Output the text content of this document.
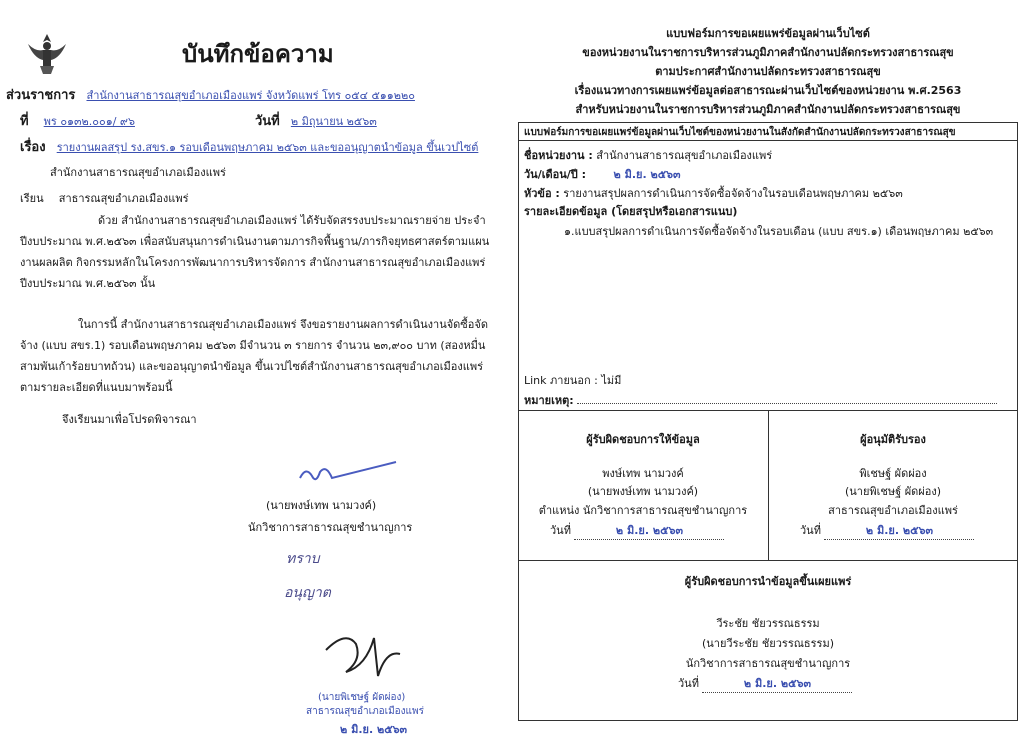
บันทึกข้อความ
ส่วนราชการ สำนักงานสาธารณสุขอำเภอเมืองแพร่ จังหวัดแพร่ โทร ๐๕๔ ๕๑๑๒๒๐
ที่ พร ๐๑๓๒.๐๐๑/ ๙๖	วันที่ ๒ มิถุนายน ๒๕๖๓
เรื่อง รายงานผลสรุป รง.สขร.๑ รอบเดือนพฤษภาคม ๒๕๖๓ และขออนุญาตนำข้อมูล ขึ้นเวปไซต์
สำนักงานสาธารณสุขอำเภอเมืองแพร่
เรียน สาธารณสุขอำเภอเมืองแพร่
ด้วย สำนักงานสาธารณสุขอำเภอเมืองแพร่ ได้รับจัดสรรงบประมาณรายจ่าย ประจำปีงบประมาณ พ.ศ.๒๕๖๓ เพื่อสนับสนุนการดำเนินงานตามภารกิจพื้นฐาน/ภารกิจยุทธศาสตร์ตามแผนงานผลผลิต กิจกรรมหลักในโครงการพัฒนาการบริหารจัดการ สำนักงานสาธารณสุขอำเภอเมืองแพร่ ปีงบประมาณ พ.ศ.๒๕๖๓ นั้น
ในการนี้ สำนักงานสาธารณสุขอำเภอเมืองแพร่ จึงขอรายงานผลการดำเนินงานจัดซื้อจัดจ้าง (แบบ สขร.1) รอบเดือนพฤษภาคม ๒๕๖๓ มีจำนวน ๓ รายการ จำนวน ๒๓,๙๐๐ บาท (สองหมื่นสามพันเก้าร้อยบาทถ้วน) และขออนุญาตนำข้อมูล ขึ้นเวปไซต์สำนักงานสาธารณสุขอำเภอเมืองแพร่ ตามรายละเอียดที่แนบมาพร้อมนี้
จึงเรียนมาเพื่อโปรดพิจารณา
(นายพงษ์เทพ นามวงค์)
นักวิชาการสาธารณสุขชำนาญการ
ทราบ
อนุญาต
(นายพิเชษฐ์ ผัดผ่อง)
สาธารณสุขอำเภอเมืองแพร่
๒ มิ.ย. ๒๕๖๓
แบบฟอร์มการขอเผยแพร่ข้อมูลผ่านเว็บไซต์
ของหน่วยงานในราชการบริหารส่วนภูมิภาคสำนักงานปลัดกระทรวงสาธารณสุข
ตามประกาศสำนักงานปลัดกระทรวงสาธารณสุข
เรื่องแนวทางการเผยแพร่ข้อมูลต่อสาธารณะผ่านเว็บไซต์ของหน่วยงาน พ.ศ.2563
สำหรับหน่วยงานในราชการบริหารส่วนภูมิภาคสำนักงานปลัดกระทรวงสาธารณสุข
แบบฟอร์มการขอเผยแพร่ข้อมูลผ่านเว็บไซต์ของหน่วยงานในสังกัดสำนักงานปลัดกระทรวงสาธารณสุข
ชื่อหน่วยงาน : สำนักงานสาธารณสุขอำเภอเมืองแพร่
วัน/เดือน/ปี :	๒ มิ.ย. ๒๕๖๓
หัวข้อ : รายงานสรุปผลการดำเนินการจัดซื้อจัดจ้างในรอบเดือนพฤษภาคม ๒๕๖๓
รายละเอียดข้อมูล (โดยสรุปหรือเอกสารแนบ)
๑.แบบสรุปผลการดำเนินการจัดซื้อจัดจ้างในรอบเดือน (แบบ สขร.๑) เดือนพฤษภาคม ๒๕๖๓
Link ภายนอก : ไม่มี
หมายเหตุ:
ผู้รับผิดชอบการให้ข้อมูล
พงษ์เทพ นามวงค์
(นายพงษ์เทพ นามวงค์)
ตำแหน่ง นักวิชาการสาธารณสุขชำนาญการ
วันที่	๒ มิ.ย. ๒๕๖๓
ผู้อนุมัติรับรอง
พิเชษฐ์ ผัดผ่อง
(นายพิเชษฐ์ ผัดผ่อง)
สาธารณสุขอำเภอเมืองแพร่
วันที่	๒ มิ.ย. ๒๕๖๓
ผู้รับผิดชอบการนำข้อมูลขึ้นเผยแพร่
วีระชัย ชัยวรรณธรรม
(นายวีระชัย ชัยวรรณธรรม)
นักวิชาการสาธารณสุขชำนาญการ
วันที่	๒ มิ.ย. ๒๕๖๓
